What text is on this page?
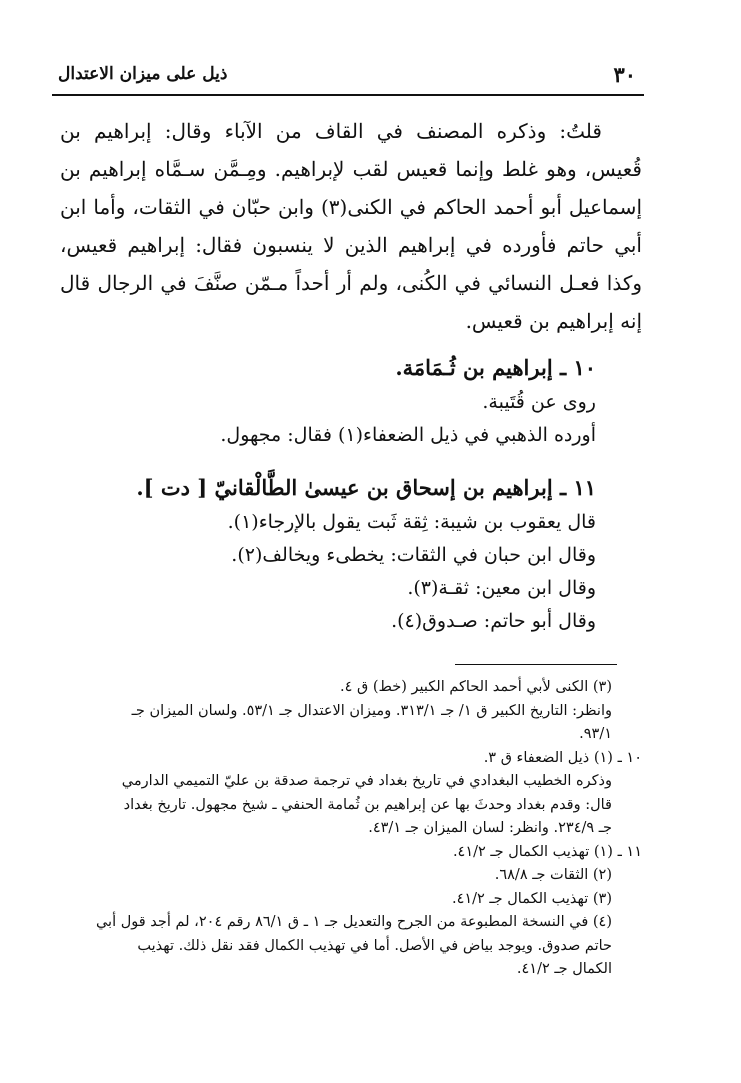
٣٠
ذيل على ميزان الاعتدال

قلتُ: وذكره المصنف في القاف من الآباء وقال: إبراهيم بن قُعيس، وهو غلط وإنما قعيس لقب لإبراهيم. ومِـمَّن سـمَّاه إبراهيم بن إسماعيل أبو أحمد الحاكم في الكنى(٣) وابن حبّان في الثقات، وأما ابن أبي حاتم فأورده في إبراهيم الذين لا ينسبون فقال: إبراهيم قعيس، وكذا فعـل النسائي في الكُنى، ولم أر أحداً مـمّن صنَّفَ في الرجال قال إنه إبراهيم بن قعيس.

١٠ ـ إبراهيم بن ثُـمَامَة.

روى عن قُتَيبة.

أورده الذهبي في ذيل الضعفاء(١) فقال: مجهول.

١١ ـ إبراهيم بن إسحاق بن عيسىٰ الطَّالْقانيّ [ دت ].

قال يعقوب بن شيبة: ثِقة ثَبت يقول بالإرجاء(١).

وقال ابن حبان في الثقات: يخطىء ويخالف(٢).

وقال ابن معين: ثقـة(٣).

وقال أبو حاتم: صـدوق(٤).

(٣) الكنى لأبي أحمد الحاكم الكبير (خط) ق ٤.

وانظر: التاريخ الكبير ق ١/ جـ ٣١٣/١. وميزان الاعتدال جـ ٥٣/١. ولسان الميزان جـ

٩٣/١.

١٠ ـ (١) ذيل الضعفاء ق ٣.

وذكره الخطيب البغدادي في تاريخ بغداد في ترجمة صدقة بن عليّ التميمي الدارمي

قال: وقدم بغداد وحدثَ بها عن إبراهيم بن ثُمامة الحنفي ـ شيخ مجهول. تاريخ بغداد

جـ ٢٣٤/٩. وانظر: لسان الميزان جـ ٤٣/١.

١١ ـ (١) تهذيب الكمال جـ ٤١/٢.

(٢) الثقات جـ ٦٨/٨.

(٣) تهذيب الكمال جـ ٤١/٢.

(٤) في النسخة المطبوعة من الجرح والتعديل جـ ١ ـ ق ٨٦/١ رقم ٢٠٤، لم أجد قول أبي

حاتم صدوق. ويوجد بياض في الأصل. أما في تهذيب الكمال فقد نقل ذلك. تهذيب

الكمال جـ ٤١/٢.
